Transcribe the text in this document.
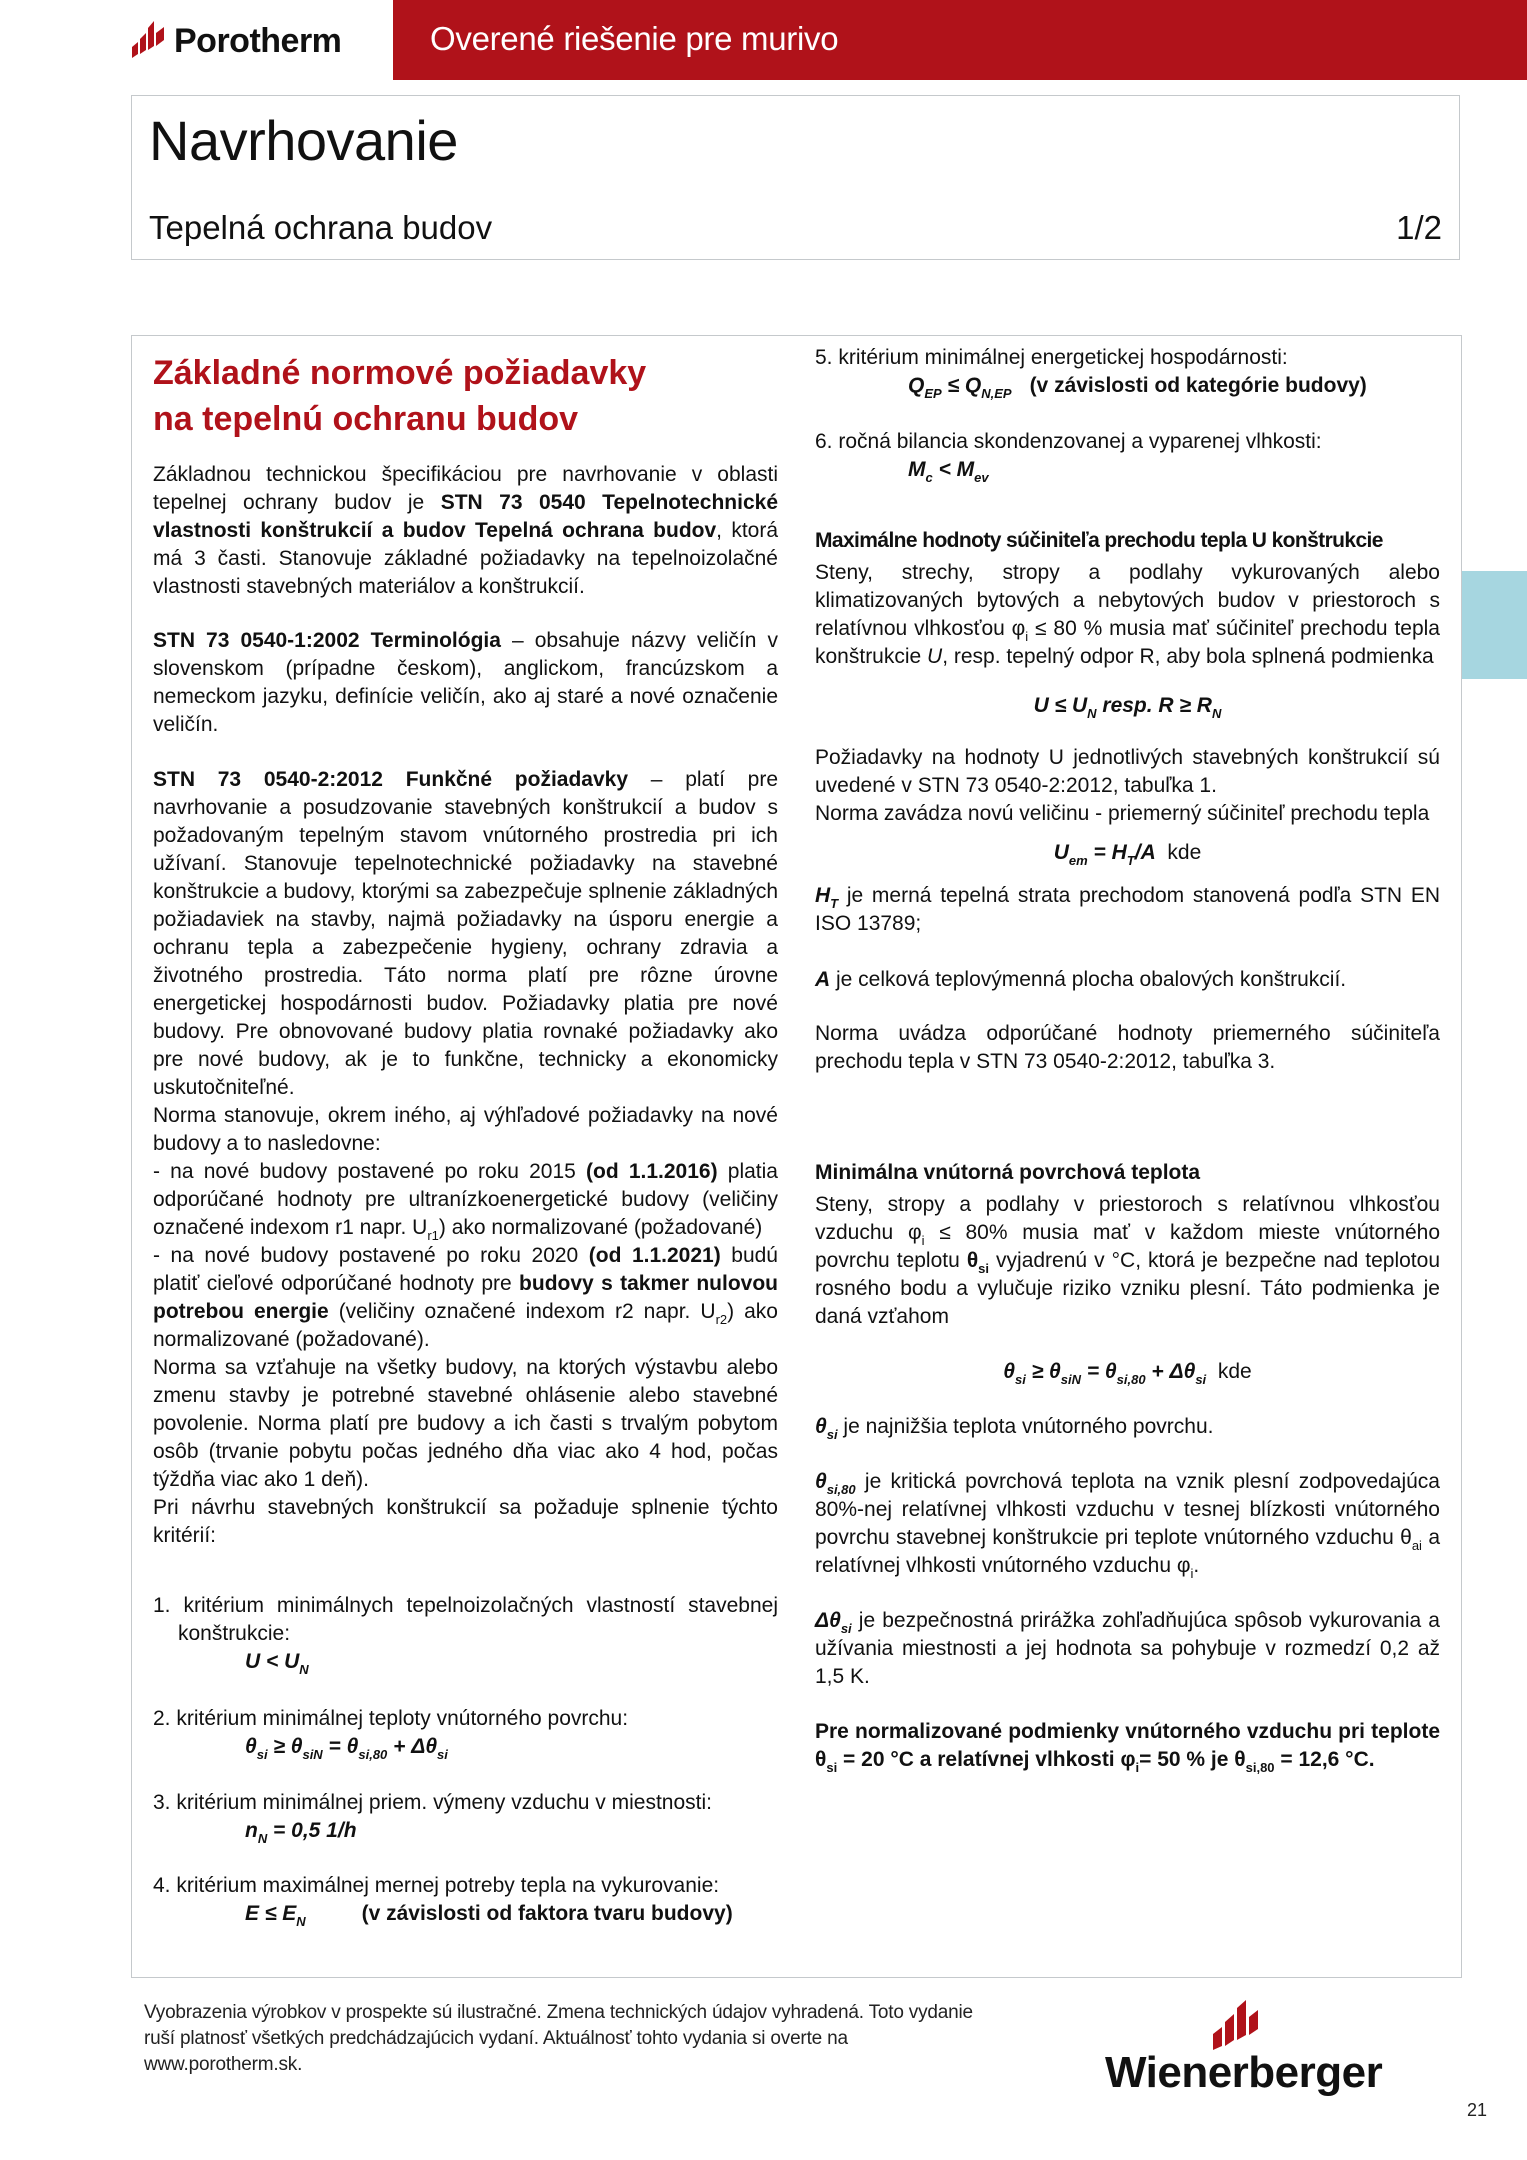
Porotherm	Overené riešenie pre murivo
Navrhovanie
Tepelná ochrana budov	1/2
Základné normové požiadavky
na tepelnú ochranu budov

Základnou technickou špecifikáciou pre navrhovanie v oblasti tepelnej ochrany budov je STN 73 0540 Tepelnotechnické vlastnosti konštrukcií a budov Tepelná ochrana budov, ktorá má 3 časti. Stanovuje základné požiadavky na tepelnoizolačné vlastnosti stavebných materiálov a konštrukcií.

STN 73 0540-1:2002 Terminológia – obsahuje názvy veličín v slovenskom (prípadne českom), anglickom, francúzskom a nemeckom jazyku, definície veličín, ako aj staré a nové označenie veličín.

STN 73 0540-2:2012 Funkčné požiadavky – platí pre navrhovanie a posudzovanie stavebných konštrukcií a budov s požadovaným tepelným stavom vnútorného prostredia pri ich užívaní. Stanovuje tepelnotechnické požiadavky na stavebné konštrukcie a budovy, ktorými sa zabezpečuje splnenie základných požiadaviek na stavby, najmä požiadavky na úsporu energie a ochranu tepla a zabezpečenie hygieny, ochrany zdravia a životného prostredia. Táto norma platí pre rôzne úrovne energetickej hospodárnosti budov. Požiadavky platia pre nové budovy. Pre obnovované budovy platia rovnaké požiadavky ako pre nové budovy, ak je to funkčne, technicky a ekonomicky uskutočniteľné.

Norma stanovuje, okrem iného, aj výhľadové požiadavky na nové budovy a to nasledovne:

- na nové budovy postavené po roku 2015 (od 1.1.2016) platia odporúčané hodnoty pre ultranízkoenergetické budovy (veličiny označené indexom r1 napr. $U_{r1}$) ako normalizované (požadované)

- na nové budovy postavené po roku 2020 (od 1.1.2021) budú platiť cieľové odporúčané hodnoty pre budovy s takmer nulovou potrebou energie (veličiny označené indexom r2 napr. $U_{r2}$) ako normalizované (požadované).

Norma sa vzťahuje na všetky budovy, na ktorých výstavbu alebo zmenu stavby je potrebné stavebné ohlásenie alebo stavebné povolenie. Norma platí pre budovy a ich časti s trvalým pobytom osôb (trvanie pobytu počas jedného dňa viac ako 4 hod, počas týždňa viac ako 1 deň).

Pri návrhu stavebných konštrukcií sa požaduje splnenie týchto kritérií:

1. kritérium minimálnych tepelnoizolačných vlastností stavebnej konštrukcie:

$U < U_N$

2. kritérium minimálnej teploty vnútorného povrchu:

$\theta_{si} \ge \theta_{siN} = \theta_{si,80} + \Delta\theta_{si}$

3. kritérium minimálnej priem. výmeny vzduchu v miestnosti:

$n_N = 0,5$ 1/h

4. kritérium maximálnej mernej potreby tepla na vykurovanie:

$E \le E_N$	(v závislosti od faktora tvaru budovy)

5. kritérium minimálnej energetickej hospodárnosti:

$Q_{EP} \le Q_{N,EP}$ (v závislosti od kategórie budovy)

6. ročná bilancia skondenzovanej a vyparenej vlhkosti:

$M_c < M_{ev}$

Maximálne hodnoty súčiniteľa prechodu tepla U konštrukcie

Steny, strechy, stropy a podlahy vykurovaných alebo klimatizovaných bytových a nebytových budov v priestoroch s relatívnou vlhkosťou $\varphi_i \le 80$ % musia mať súčiniteľ prechodu tepla konštrukcie U, resp. tepelný odpor R, aby bola splnená podmienka

$U \le U_N$ resp. $R \ge R_N$

Požiadavky na hodnoty U jednotlivých stavebných konštrukcií sú uvedené v STN 73 0540-2:2012, tabuľka 1.

Norma zavádza novú veličinu - priemerný súčiniteľ prechodu tepla

$U_{em} = H_T/A$ kde

$H_T$ je merná tepelná strata prechodom stanovená podľa STN EN ISO 13789;

A je celková teplovýmenná plocha obalových konštrukcií.

Norma uvádza odporúčané hodnoty priemerného súčiniteľa prechodu tepla v STN 73 0540-2:2012, tabuľka 3.

Minimálna vnútorná povrchová teplota

Steny, stropy a podlahy v priestoroch s relatívnou vlhkosťou vzduchu $\varphi_i \le 80\%$ musia mať v každom mieste vnútorného povrchu teplotu $\theta_{si}$ vyjadrenú v °C, ktorá je bezpečne nad teplotou rosného bodu a vylučuje riziko vzniku plesní. Táto podmienka je daná vzťahom

$\theta_{si} \ge \theta_{siN} = \theta_{si,80} + \Delta\theta_{si}$ kde

$\theta_{si}$ je najnižšia teplota vnútorného povrchu.

$\theta_{si,80}$ je kritická povrchová teplota na vznik plesní zodpovedajúca 80%-nej relatívnej vlhkosti vzduchu v tesnej blízkosti vnútorného povrchu stavebnej konštrukcie pri teplote vnútorného vzduchu $\theta_{ai}$ a relatívnej vlhkosti vnútorného vzduchu $\varphi_i$.

$\Delta\theta_{si}$ je bezpečnostná prirážka zohľadňujúca spôsob vykurovania a užívania miestnosti a jej hodnota sa pohybuje v rozmedzí 0,2 až 1,5 K.

Pre normalizované podmienky vnútorného vzduchu pri teplote $\theta_{si} = 20$ °C a relatívnej vlhkosti $\varphi_i= 50$ % je $\theta_{si,80} = 12,6$ °C.

Vyobrazenia výrobkov v prospekte sú ilustračné. Zmena technických údajov vyhradená. Toto vydanie ruší platnosť všetkých predchádzajúcich vydaní. Aktuálnosť tohto vydania si overte na www.porotherm.sk.	Wienerberger
21
